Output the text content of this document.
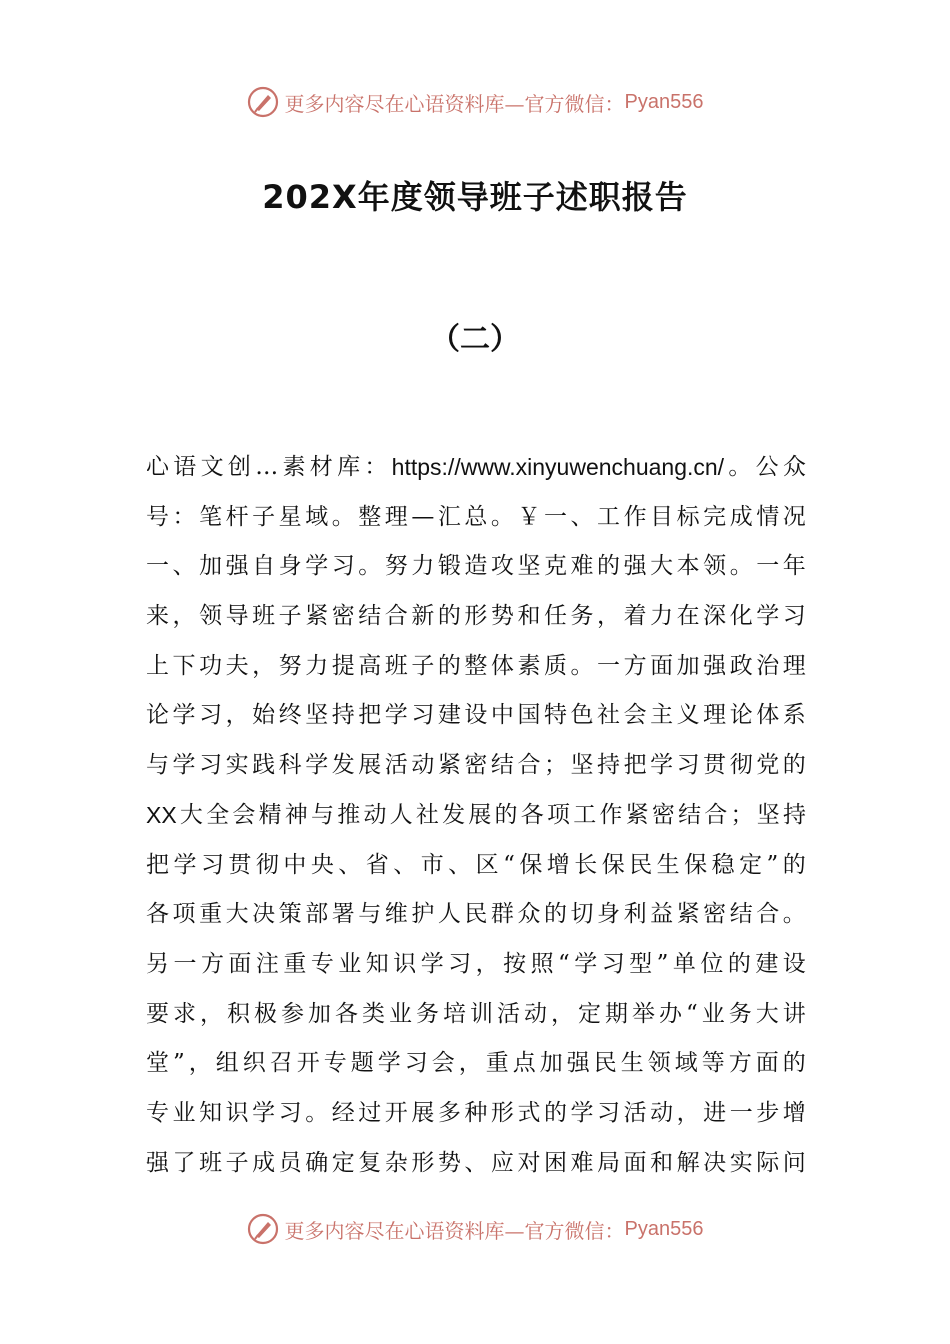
更多内容尽在心语资料库—官方微信： Pyan556
202X年度领导班子述职报告
（二）
心 语 文 创 … 素 材 库 ： https://www.xinyuwenchuang.cn/ 。 公 众
号 ： 笔 杆 子 星 域 。 整 理 — 汇 总 。 ￥ 一 、 工 作 目 标 完 成 情 况
一 、 加 强 自 身 学 习 。 努 力 锻 造 攻 坚 克 难 的 强 大 本 领 。 一 年
来 ， 领 导 班 子 紧 密 结 合 新 的 形 势 和 任 务 ， 着 力 在 深 化 学 习
上 下 功 夫 ， 努 力 提 高 班 子 的 整 体 素 质 。 一 方 面 加 强 政 治 理
论 学 习 ， 始 终 坚 持 把 学 习 建 设 中 国 特 色 社 会 主 义 理 论 体 系
与 学 习 实 践 科 学 发 展 活 动 紧 密 结 合 ； 坚 持 把 学 习 贯 彻 党 的
XX 大 全 会 精 神 与 推 动 人 社 发 展 的 各 项 工 作 紧 密 结 合 ； 坚 持
把 学 习 贯 彻 中 央 、 省 、 市 、 区 “ 保 增 长 保 民 生 保 稳 定 ” 的
各 项 重 大 决 策 部 署 与 维 护 人 民 群 众 的 切 身 利 益 紧 密 结 合 。
另 一 方 面 注 重 专 业 知 识 学 习 ， 按 照 “ 学 习 型 ” 单 位 的 建 设
要 求 ， 积 极 参 加 各 类 业 务 培 训 活 动 ， 定 期 举 办 “ 业 务 大 讲
堂 ” ， 组 织 召 开 专 题 学 习 会 ， 重 点 加 强 民 生 领 域 等 方 面 的
专 业 知 识 学 习 。 经 过 开 展 多 种 形 式 的 学 习 活 动 ， 进 一 步 增
强 了 班 子 成 员 确 定 复 杂 形 势 、 应 对 困 难 局 面 和 解 决 实 际 问
更多内容尽在心语资料库—官方微信： Pyan556
